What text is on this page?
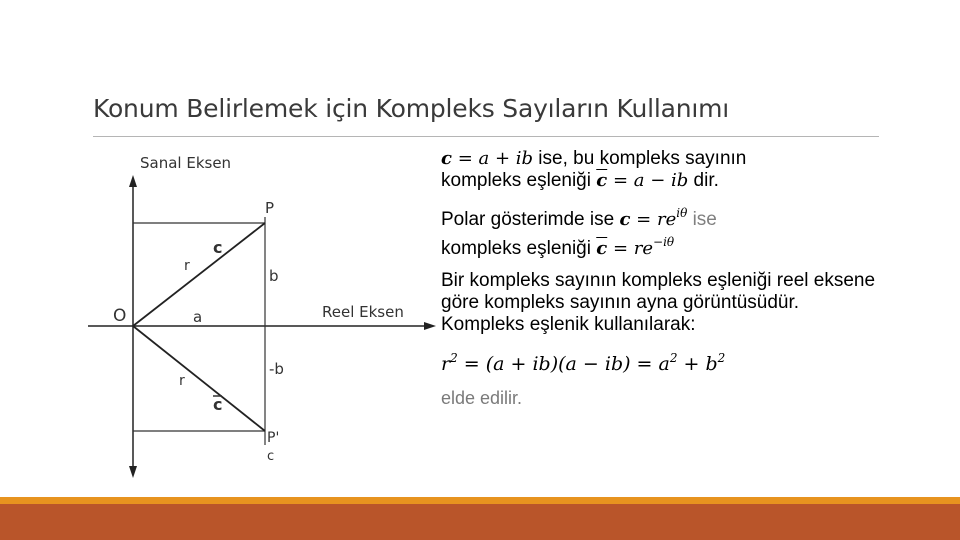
Konum Belirlemek için Kompleks Sayıların Kullanımı
Sanal Eksen
Reel Eksen
O
P
P'
c
c
c
r
r
a
b
-b
c = a + ib ise, bu kompleks sayının
kompleks eşleniği $\overline{c} = a$ − ib dir.
Polar gösterimde ise $c = re^{i\theta}$ ise
kompleks eşleniği $\overline{c} = re^{-i\theta}$
Bir kompleks sayının kompleks eşleniği reel eksene göre kompleks sayının ayna görüntüsüdür. Kompleks eşlenik kullanılarak:
$r^2 = (a + ib)(a - ib) = a^2 + b^2$
elde edilir.
